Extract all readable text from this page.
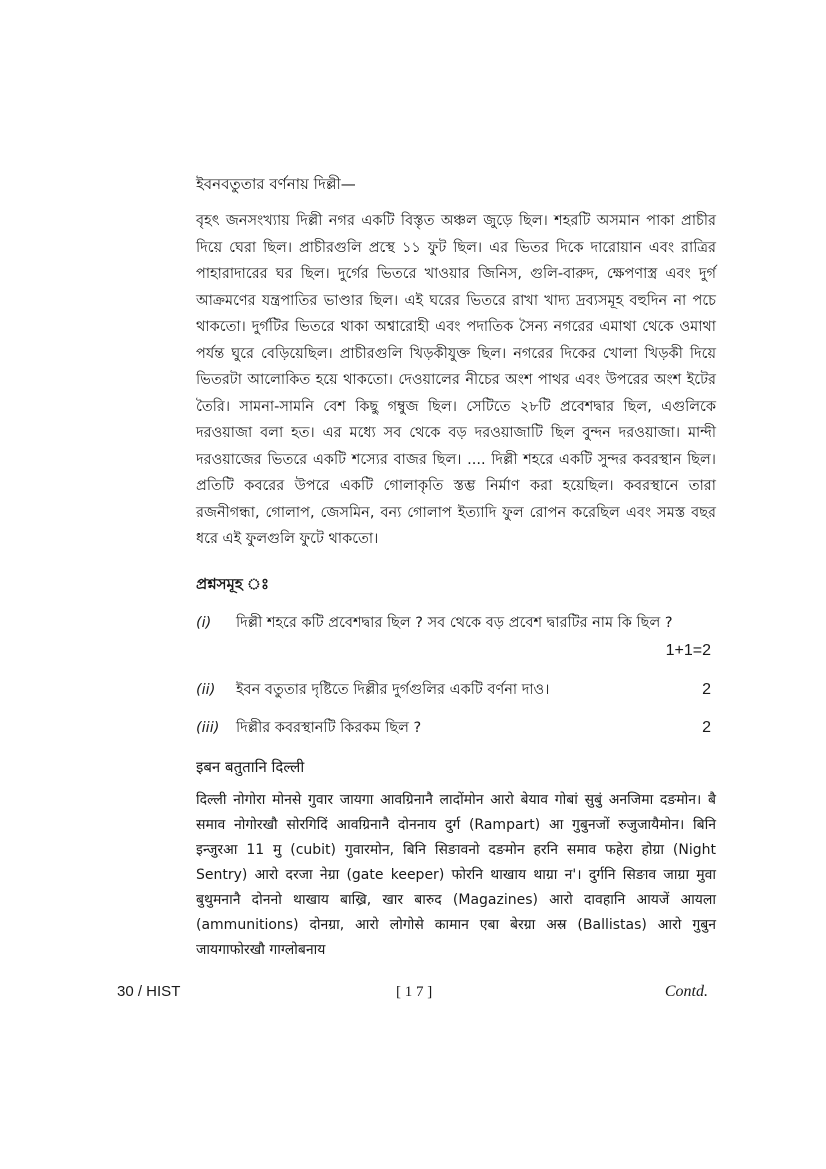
ইবনবতুতার বর্ণনায় দিল্লী—

বৃহৎ জনসংখ্যায় দিল্লী নগর একটি বিস্তৃত অঞ্চল জুড়ে ছিল। শহরটি অসমান পাকা প্রাচীর দিয়ে ঘেরা ছিল। প্রাচীরগুলি প্রস্থে ১১ ফুট ছিল। এর ভিতর দিকে দারোয়ান এবং রাত্রির পাহারাদারের ঘর ছিল। দুর্গের ভিতরে খাওয়ার জিনিস, গুলি-বারুদ, ক্ষেপণাস্ত্র এবং দুর্গ আক্রমণের যন্ত্রপাতির ভাণ্ডার ছিল। এই ঘরের ভিতরে রাখা খাদ্য দ্রব্যসমূহ বহুদিন না পচে থাকতো। দুর্গটির ভিতরে থাকা অশ্বারোহী এবং পদাতিক সৈন্য নগরের এমাথা থেকে ওমাথা পর্যন্ত ঘুরে বেড়িয়েছিল। প্রাচীরগুলি খিড়কীযুক্ত ছিল। নগরের দিকের খোলা খিড়কী দিয়ে ভিতরটা আলোকিত হয়ে থাকতো। দেওয়ালের নীচের অংশ পাথর এবং উপরের অংশ ইটের তৈরি। সামনা-সামনি বেশ কিছু গম্বুজ ছিল। সেটিতে ২৮টি প্রবেশদ্বার ছিল, এগুলিকে দরওয়াজা বলা হত। এর মধ্যে সব থেকে বড় দরওয়াজাটি ছিল বুন্দন দরওয়াজা। মান্দী দরওয়াজের ভিতরে একটি শস্যের বাজর ছিল। .... দিল্লী শহরে একটি সুন্দর কবরস্থান ছিল। প্রতিটি কবরের উপরে একটি গোলাকৃতি স্তম্ভ নির্মাণ করা হয়েছিল। কবরস্থানে তারা রজনীগন্ধা, গোলাপ, জেসমিন, বন্য গোলাপ ইত্যাদি ফুল রোপন করেছিল এবং সমস্ত বছর ধরে এই ফুলগুলি ফুটে থাকতো।

প্রশ্নসমূহ ঃ
(i) দিল্লী শহরে কটি প্রবেশদ্বার ছিল ? সব থেকে বড় প্রবেশ দ্বারটির নাম কি ছিল ?
1+1=2
(ii) ইবন বতুতার দৃষ্টিতে দিল্লীর দুর্গগুলির একটি বর্ণনা দাও।	2
(iii) দিল্লীর কবরস্থানটি কিরকম ছিল ?	2
इबन बतुतानि दिल्ली

दिल्ली नोगोरा मोनसे गुवार जायगा आवग्रिनानै लादोंमोन आरो बेयाव गोबां सुबुं अनजिमा दङमोन। बै समाव नोगोरखौ सोरगिदिं आवग्रिनानै दोननाय दुर्ग (Rampart) आ गुबुनजों रुजुजायैमोन। बिनि इन्जुरआ 11 मु (cubit) गुवारमोन, बिनि सिङावनो दङमोन हरनि समाव फहेरा होग्रा (Night Sentry) आरो दरजा नेग्रा (gate keeper) फोरनि थाखाय थाग्रा न'। दुर्गनि सिङाव जाग्रा मुवा बुथुमनानै दोननो थाखाय बाख्रि, खार बारुद (Magazines) आरो दावहानि आयजें आयला (ammunitions) दोनग्रा, आरो लोगोसे कामान एबा बेरग्रा अस्र (Ballistas) आरो गुबुन जायगाफोरखौ गाग्लोबनाय

30 / HIST	[ 1 7 ]	Contd.
